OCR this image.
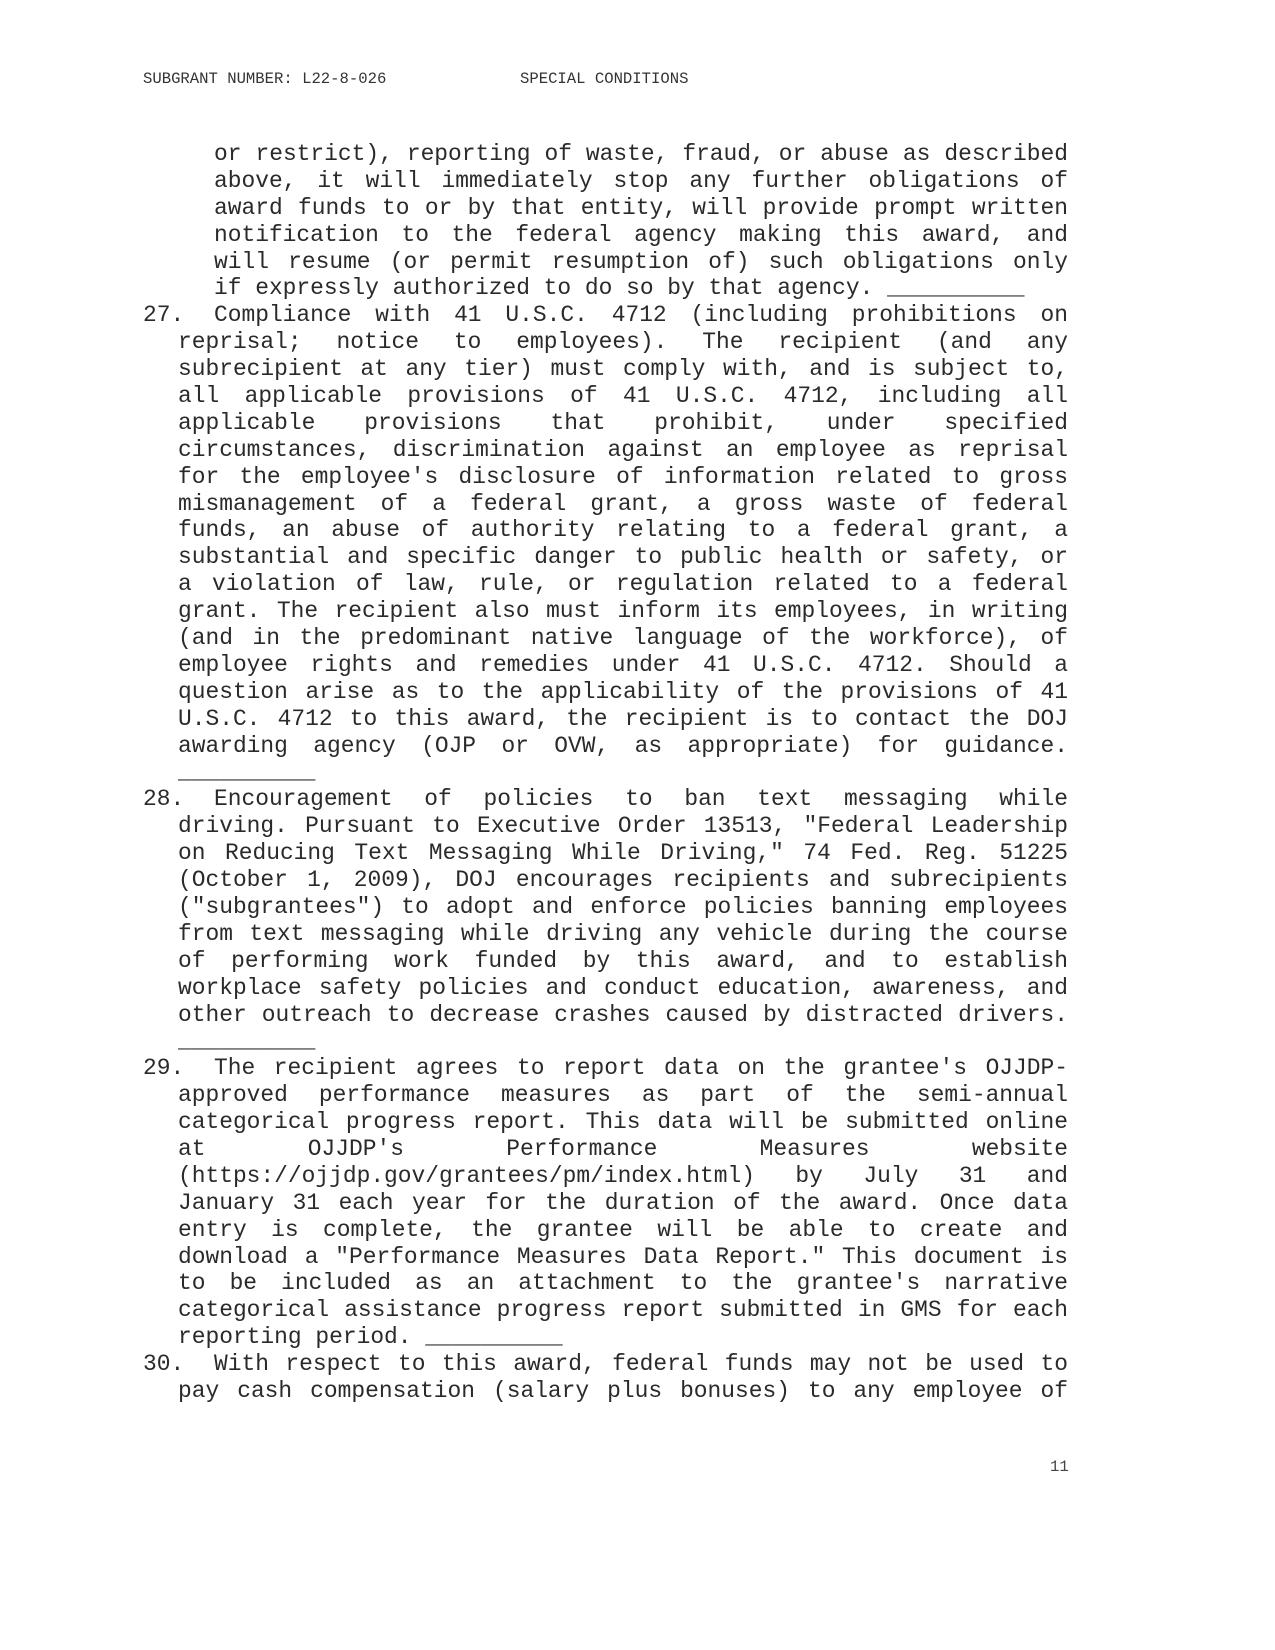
SUBGRANT NUMBER: L22-8-026	SPECIAL CONDITIONS
or restrict), reporting of waste, fraud, or abuse as described
above, it will immediately stop any further obligations of
award funds to or by that entity, will provide prompt written
notification to the federal agency making this award, and
will resume (or permit resumption of) such obligations only
if expressly authorized to do so by that agency. __________
27. Compliance with 41 U.S.C. 4712 (including prohibitions on
reprisal; notice to employees). The recipient (and any
subrecipient at any tier) must comply with, and is subject to,
all applicable provisions of 41 U.S.C. 4712, including all
applicable provisions that prohibit, under specified
circumstances, discrimination against an employee as reprisal
for the employee's disclosure of information related to gross
mismanagement of a federal grant, a gross waste of federal
funds, an abuse of authority relating to a federal grant, a
substantial and specific danger to public health or safety, or
a violation of law, rule, or regulation related to a federal
grant. The recipient also must inform its employees, in writing
(and in the predominant native language of the workforce), of
employee rights and remedies under 41 U.S.C. 4712. Should a
question arise as to the applicability of the provisions of 41
U.S.C. 4712 to this award, the recipient is to contact the DOJ
awarding agency (OJP or OVW, as appropriate) for guidance.
__________
28. Encouragement of policies to ban text messaging while
driving. Pursuant to Executive Order 13513, "Federal Leadership
on Reducing Text Messaging While Driving," 74 Fed. Reg. 51225
(October 1, 2009), DOJ encourages recipients and subrecipients
("subgrantees") to adopt and enforce policies banning employees
from text messaging while driving any vehicle during the course
of performing work funded by this award, and to establish
workplace safety policies and conduct education, awareness, and
other outreach to decrease crashes caused by distracted drivers.
__________
29. The recipient agrees to report data on the grantee's OJJDP-
approved performance measures as part of the semi-annual
categorical progress report. This data will be submitted online
at OJJDP's Performance Measures website
(https://ojjdp.gov/grantees/pm/index.html) by July 31 and
January 31 each year for the duration of the award. Once data
entry is complete, the grantee will be able to create and
download a "Performance Measures Data Report." This document is
to be included as an attachment to the grantee's narrative
categorical assistance progress report submitted in GMS for each
reporting period. __________
30. With respect to this award, federal funds may not be used to
pay cash compensation (salary plus bonuses) to any employee of
11
